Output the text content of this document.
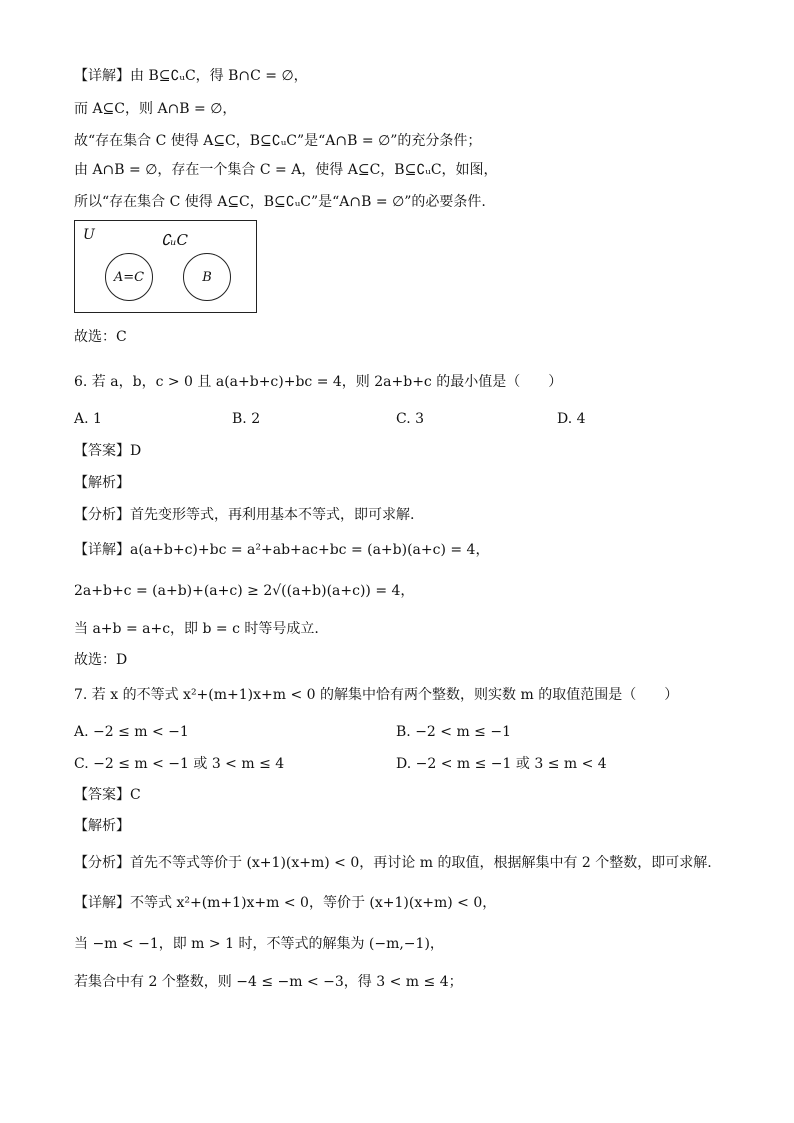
【详解】由 B⊆∁ᵤC，得 B∩C = ∅，
而 A⊆C，则 A∩B = ∅，
故“存在集合 C 使得 A⊆C，B⊆∁ᵤC”是“A∩B = ∅”的充分条件；
由 A∩B = ∅，存在一个集合 C = A，使得 A⊆C，B⊆∁ᵤC，如图，
所以“存在集合 C 使得 A⊆C，B⊆∁ᵤC”是“A∩B = ∅”的必要条件.
U	∁ᵤC
A=C	B
故选：C
6. 若 a，b，c > 0 且 a(a+b+c)+bc = 4，则 2a+b+c 的最小值是（　　）
A. 1	B. 2	C. 3	D. 4
【答案】D
【解析】
【分析】首先变形等式，再利用基本不等式，即可求解.
【详解】a(a+b+c)+bc = a²+ab+ac+bc = (a+b)(a+c) = 4，
2a+b+c = (a+b)+(a+c) ≥ 2√((a+b)(a+c)) = 4，
当 a+b = a+c，即 b = c 时等号成立.
故选：D
7. 若 x 的不等式 x²+(m+1)x+m < 0 的解集中恰有两个整数，则实数 m 的取值范围是（　　）
A. −2 ≤ m < −1	B. −2 < m ≤ −1
C. −2 ≤ m < −1 或 3 < m ≤ 4	D. −2 < m ≤ −1 或 3 ≤ m < 4
【答案】C
【解析】
【分析】首先不等式等价于 (x+1)(x+m) < 0，再讨论 m 的取值，根据解集中有 2 个整数，即可求解.
【详解】不等式 x²+(m+1)x+m < 0，等价于 (x+1)(x+m) < 0，
当 −m < −1，即 m > 1 时，不等式的解集为 (−m,−1)，
若集合中有 2 个整数，则 −4 ≤ −m < −3，得 3 < m ≤ 4；
